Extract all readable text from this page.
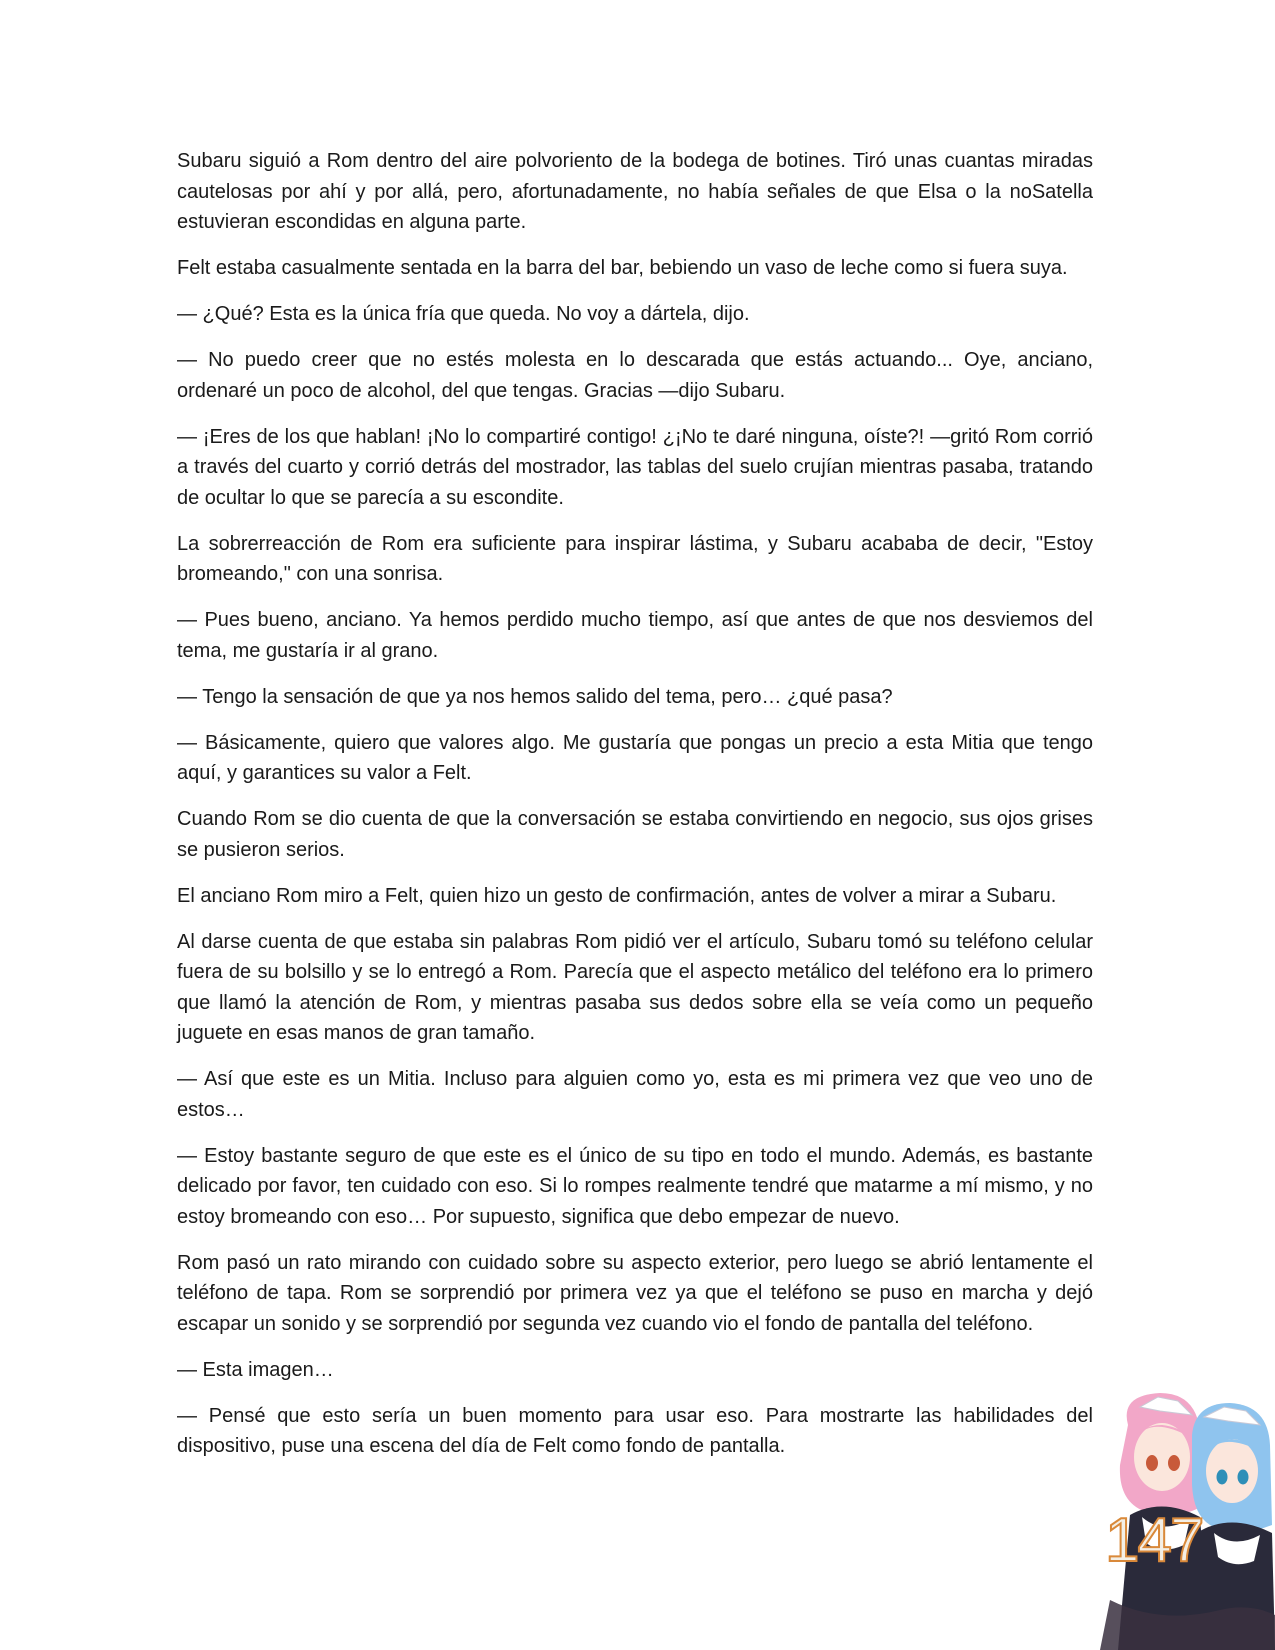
Subaru siguió a Rom dentro del aire polvoriento de la bodega de botines. Tiró unas cuantas miradas cautelosas por ahí y por allá, pero, afortunadamente, no había señales de que Elsa o la noSatella estuvieran escondidas en alguna parte.

Felt estaba casualmente sentada en la barra del bar, bebiendo un vaso de leche como si fuera suya.

— ¿Qué? Esta es la única fría que queda. No voy a dártela, dijo.

— No puedo creer que no estés molesta en lo descarada que estás actuando... Oye, anciano, ordenaré un poco de alcohol, del que tengas. Gracias —dijo Subaru.

— ¡Eres de los que hablan! ¡No lo compartiré contigo! ¿¡No te daré ninguna, oíste?! —gritó Rom corrió a través del cuarto y corrió detrás del mostrador, las tablas del suelo crujían mientras pasaba, tratando de ocultar lo que se parecía a su escondite.

La sobrerreacción de Rom era suficiente para inspirar lástima, y Subaru acababa de decir, "Estoy bromeando," con una sonrisa.

— Pues bueno, anciano. Ya hemos perdido mucho tiempo, así que antes de que nos desviemos del tema, me gustaría ir al grano.

— Tengo la sensación de que ya nos hemos salido del tema, pero… ¿qué pasa?

— Básicamente, quiero que valores algo. Me gustaría que pongas un precio a esta Mitia que tengo aquí, y garantices su valor a Felt.

Cuando Rom se dio cuenta de que la conversación se estaba convirtiendo en negocio, sus ojos grises se pusieron serios.

El anciano Rom miro a Felt, quien hizo un gesto de confirmación, antes de volver a mirar a Subaru.

Al darse cuenta de que estaba sin palabras Rom pidió ver el artículo, Subaru tomó su teléfono celular fuera de su bolsillo y se lo entregó a Rom. Parecía que el aspecto metálico del teléfono era lo primero que llamó la atención de Rom, y mientras pasaba sus dedos sobre ella se veía como un pequeño juguete en esas manos de gran tamaño.

— Así que este es un Mitia. Incluso para alguien como yo, esta es mi primera vez que veo uno de estos…

— Estoy bastante seguro de que este es el único de su tipo en todo el mundo. Además, es bastante delicado por favor, ten cuidado con eso. Si lo rompes realmente tendré que matarme a mí mismo, y no estoy bromeando con eso… Por supuesto, significa que debo empezar de nuevo.

Rom pasó un rato mirando con cuidado sobre su aspecto exterior, pero luego se abrió lentamente el teléfono de tapa. Rom se sorprendió por primera vez ya que el teléfono se puso en marcha y dejó escapar un sonido y se sorprendió por segunda vez cuando vio el fondo de pantalla del teléfono.

— Esta imagen…

— Pensé que esto sería un buen momento para usar eso. Para mostrarte las habilidades del dispositivo, puse una escena del día de Felt como fondo de pantalla.

147
